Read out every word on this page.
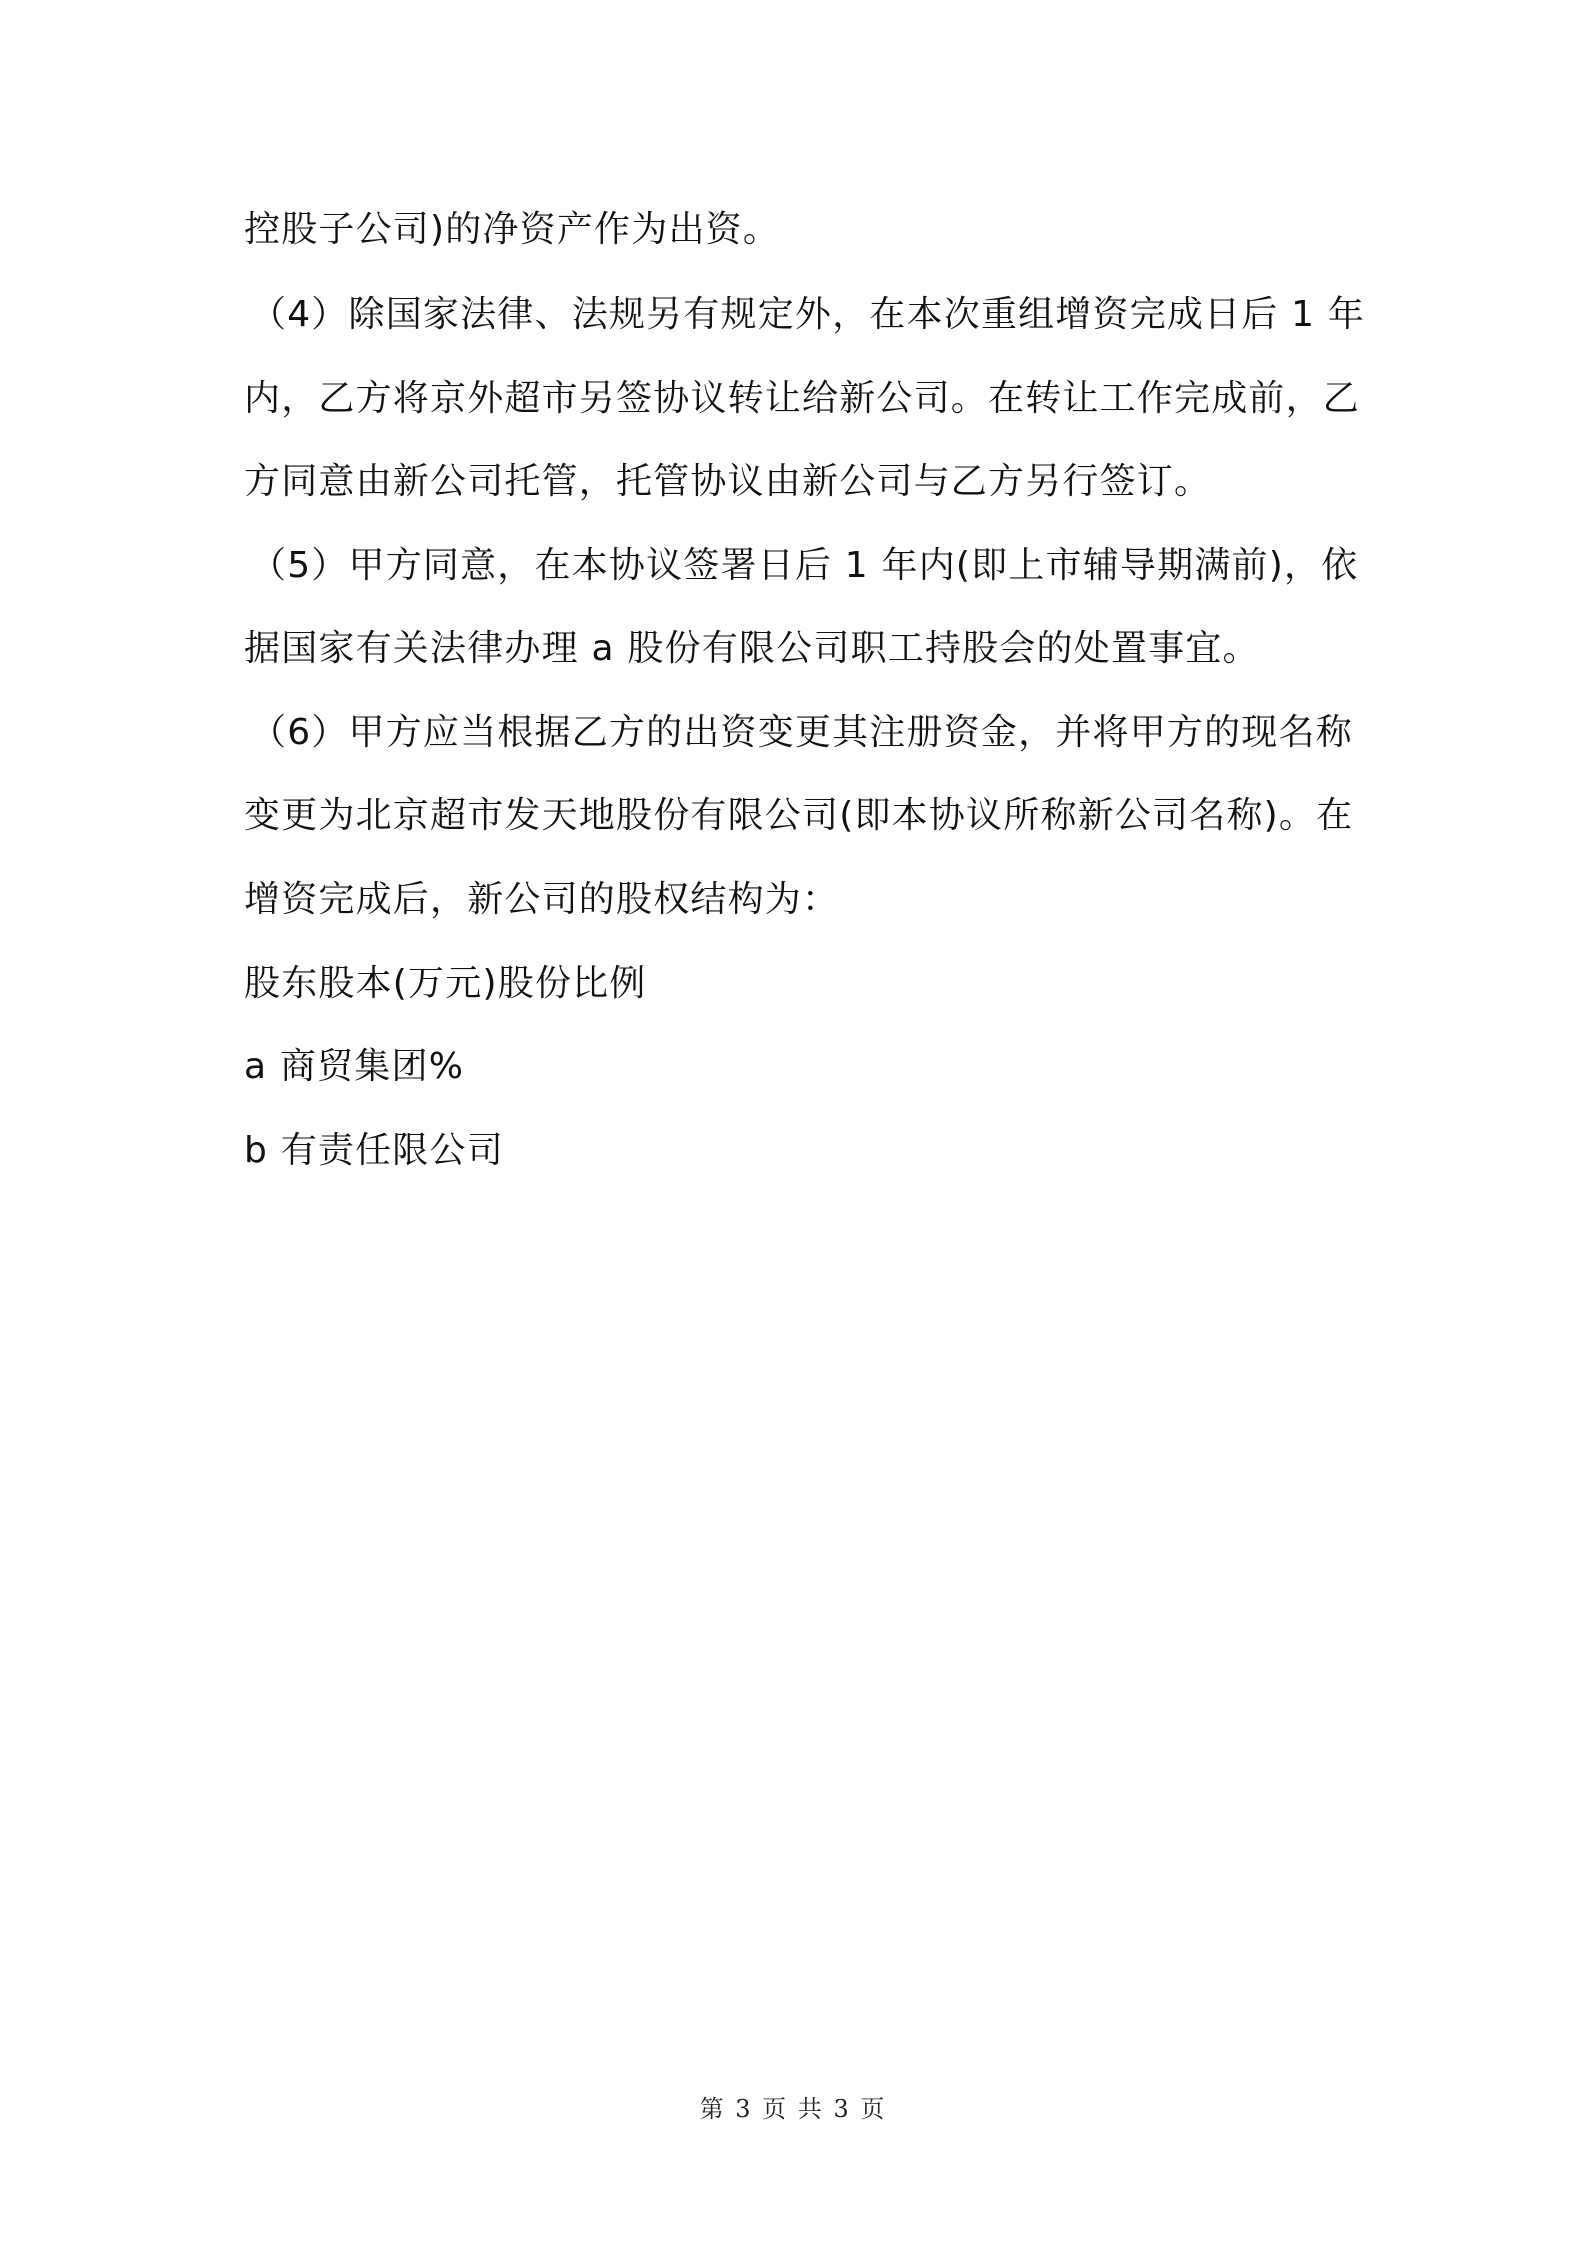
控股子公司)的净资产作为出资。
（4）除国家法律、法规另有规定外，在本次重组增资完成日后 1 年
内，乙方将京外超市另签协议转让给新公司。在转让工作完成前，乙
方同意由新公司托管，托管协议由新公司与乙方另行签订。
（5）甲方同意，在本协议签署日后 1 年内(即上市辅导期满前)，依
据国家有关法律办理 a 股份有限公司职工持股会的处置事宜。
（6）甲方应当根据乙方的出资变更其注册资金，并将甲方的现名称
变更为北京超市发天地股份有限公司(即本协议所称新公司名称)。在
增资完成后，新公司的股权结构为：
股东股本(万元)股份比例
a 商贸集团%
b 有责任限公司
第 3 页 共 3 页
